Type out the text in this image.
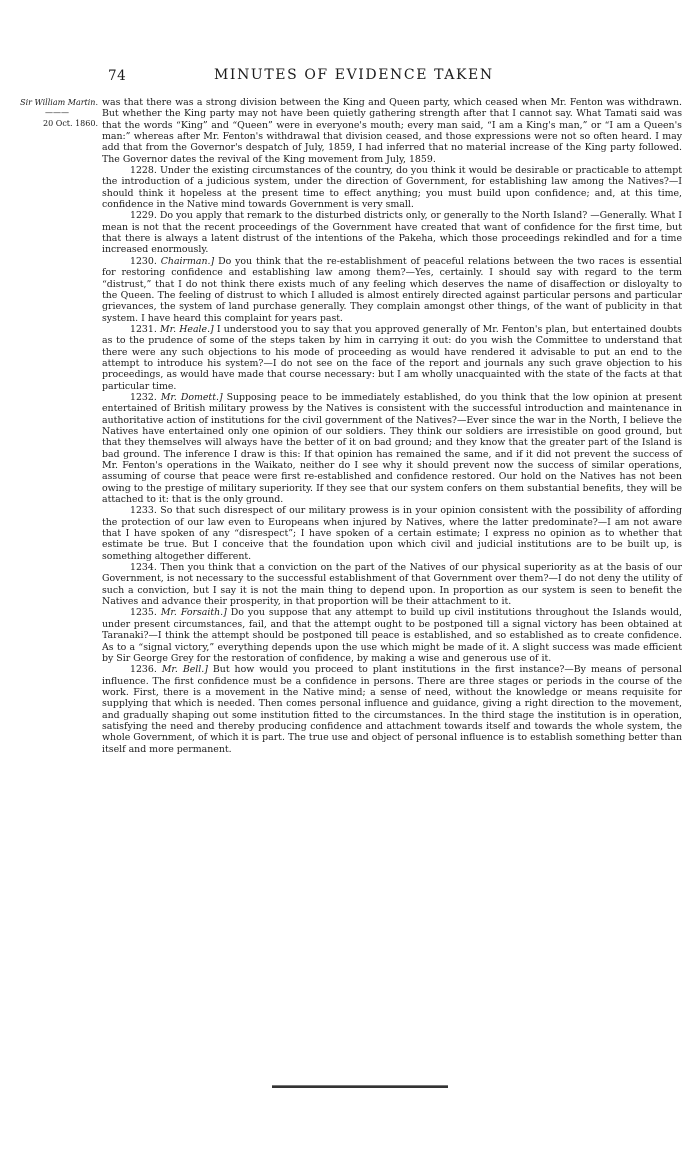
74	MINUTES OF EVIDENCE TAKEN
Sir William Martin.
———
20 Oct. 1860.

was that there was a strong division between the King and Queen party, which ceased when Mr. Fenton was withdrawn. But whether the King party may not have been quietly gathering strength after that I cannot say. What Tamati said was that the words “King” and “Queen” were in everyone's mouth; every man said, “I am a King's man,” or “I am a Queen's man:” whereas after Mr. Fenton's withdrawal that division ceased, and those expressions were not so often heard. I may add that from the Governor's despatch of July, 1859, I had inferred that no material increase of the King party followed. The Governor dates the revival of the King movement from July, 1859.

1228. Under the existing circumstances of the country, do you think it would be desirable or practicable to attempt the introduction of a judicious system, under the direction of Government, for establishing law among the Natives?—I should think it hopeless at the present time to effect anything; you must build upon confidence; and, at this time, confidence in the Native mind towards Government is very small.

1229. Do you apply that remark to the disturbed districts only, or generally to the North Island? —Generally. What I mean is not that the recent proceedings of the Government have created that want of confidence for the first time, but that there is always a latent distrust of the intentions of the Pakeha, which those proceedings rekindled and for a time increased enormously.

1230. Chairman.] Do you think that the re-establishment of peaceful relations between the two races is essential for restoring confidence and establishing law among them?—Yes, certainly. I should say with regard to the term “distrust,” that I do not think there exists much of any feeling which deserves the name of disaffection or disloyalty to the Queen. The feeling of distrust to which I alluded is almost entirely directed against particular persons and particular grievances, the system of land purchase generally. They complain amongst other things, of the want of publicity in that system. I have heard this complaint for years past.

1231. Mr. Heale.] I understood you to say that you approved generally of Mr. Fenton's plan, but entertained doubts as to the prudence of some of the steps taken by him in carrying it out: do you wish the Committee to understand that there were any such objections to his mode of proceeding as would have rendered it advisable to put an end to the attempt to introduce his system?—I do not see on the face of the report and journals any such grave objection to his proceedings, as would have made that course necessary: but I am wholly unacquainted with the state of the facts at that particular time.

1232. Mr. Domett.] Supposing peace to be immediately established, do you think that the low opinion at present entertained of British military prowess by the Natives is consistent with the successful introduction and maintenance in authoritative action of institutions for the civil government of the Natives?—Ever since the war in the North, I believe the Natives have entertained only one opinion of our soldiers. They think our soldiers are irresistible on good ground, but that they themselves will always have the better of it on bad ground; and they know that the greater part of the Island is bad ground. The inference I draw is this: If that opinion has remained the same, and if it did not prevent the success of Mr. Fenton's operations in the Waikato, neither do I see why it should prevent now the success of similar operations, assuming of course that peace were first re-established and confidence restored. Our hold on the Natives has not been owing to the prestige of military superiority. If they see that our system confers on them substantial benefits, they will be attached to it: that is the only ground.

1233. So that such disrespect of our military prowess is in your opinion consistent with the possibility of affording the protection of our law even to Europeans when injured by Natives, where the latter predominate?—I am not aware that I have spoken of any “disrespect”; I have spoken of a certain estimate; I express no opinion as to whether that estimate be true. But I conceive that the foundation upon which civil and judicial institutions are to be built up, is something altogether different.

1234. Then you think that a conviction on the part of the Natives of our physical superiority as at the basis of our Government, is not necessary to the successful establishment of that Government over them?—I do not deny the utility of such a conviction, but I say it is not the main thing to depend upon. In proportion as our system is seen to benefit the Natives and advance their prosperity, in that proportion will be their attachment to it.

1235. Mr. Forsaith.] Do you suppose that any attempt to build up civil institutions throughout the Islands would, under present circumstances, fail, and that the attempt ought to be postponed till a signal victory has been obtained at Taranaki?—I think the attempt should be postponed till peace is established, and so established as to create confidence. As to a “signal victory,” everything depends upon the use which might be made of it. A slight success was made efficient by Sir George Grey for the restoration of confidence, by making a wise and generous use of it.

1236. Mr. Bell.] But how would you proceed to plant institutions in the first instance?—By means of personal influence. The first confidence must be a confidence in persons. There are three stages or periods in the course of the work. First, there is a movement in the Native mind; a sense of need, without the knowledge or means requisite for supplying that which is needed. Then comes personal influence and guidance, giving a right direction to the movement, and gradually shaping out some institution fitted to the circumstances. In the third stage the institution is in operation, satisfying the need and thereby producing confidence and attachment towards itself and towards the whole system, the whole Government, of which it is part. The true use and object of personal influence is to establish something better than itself and more permanent.
